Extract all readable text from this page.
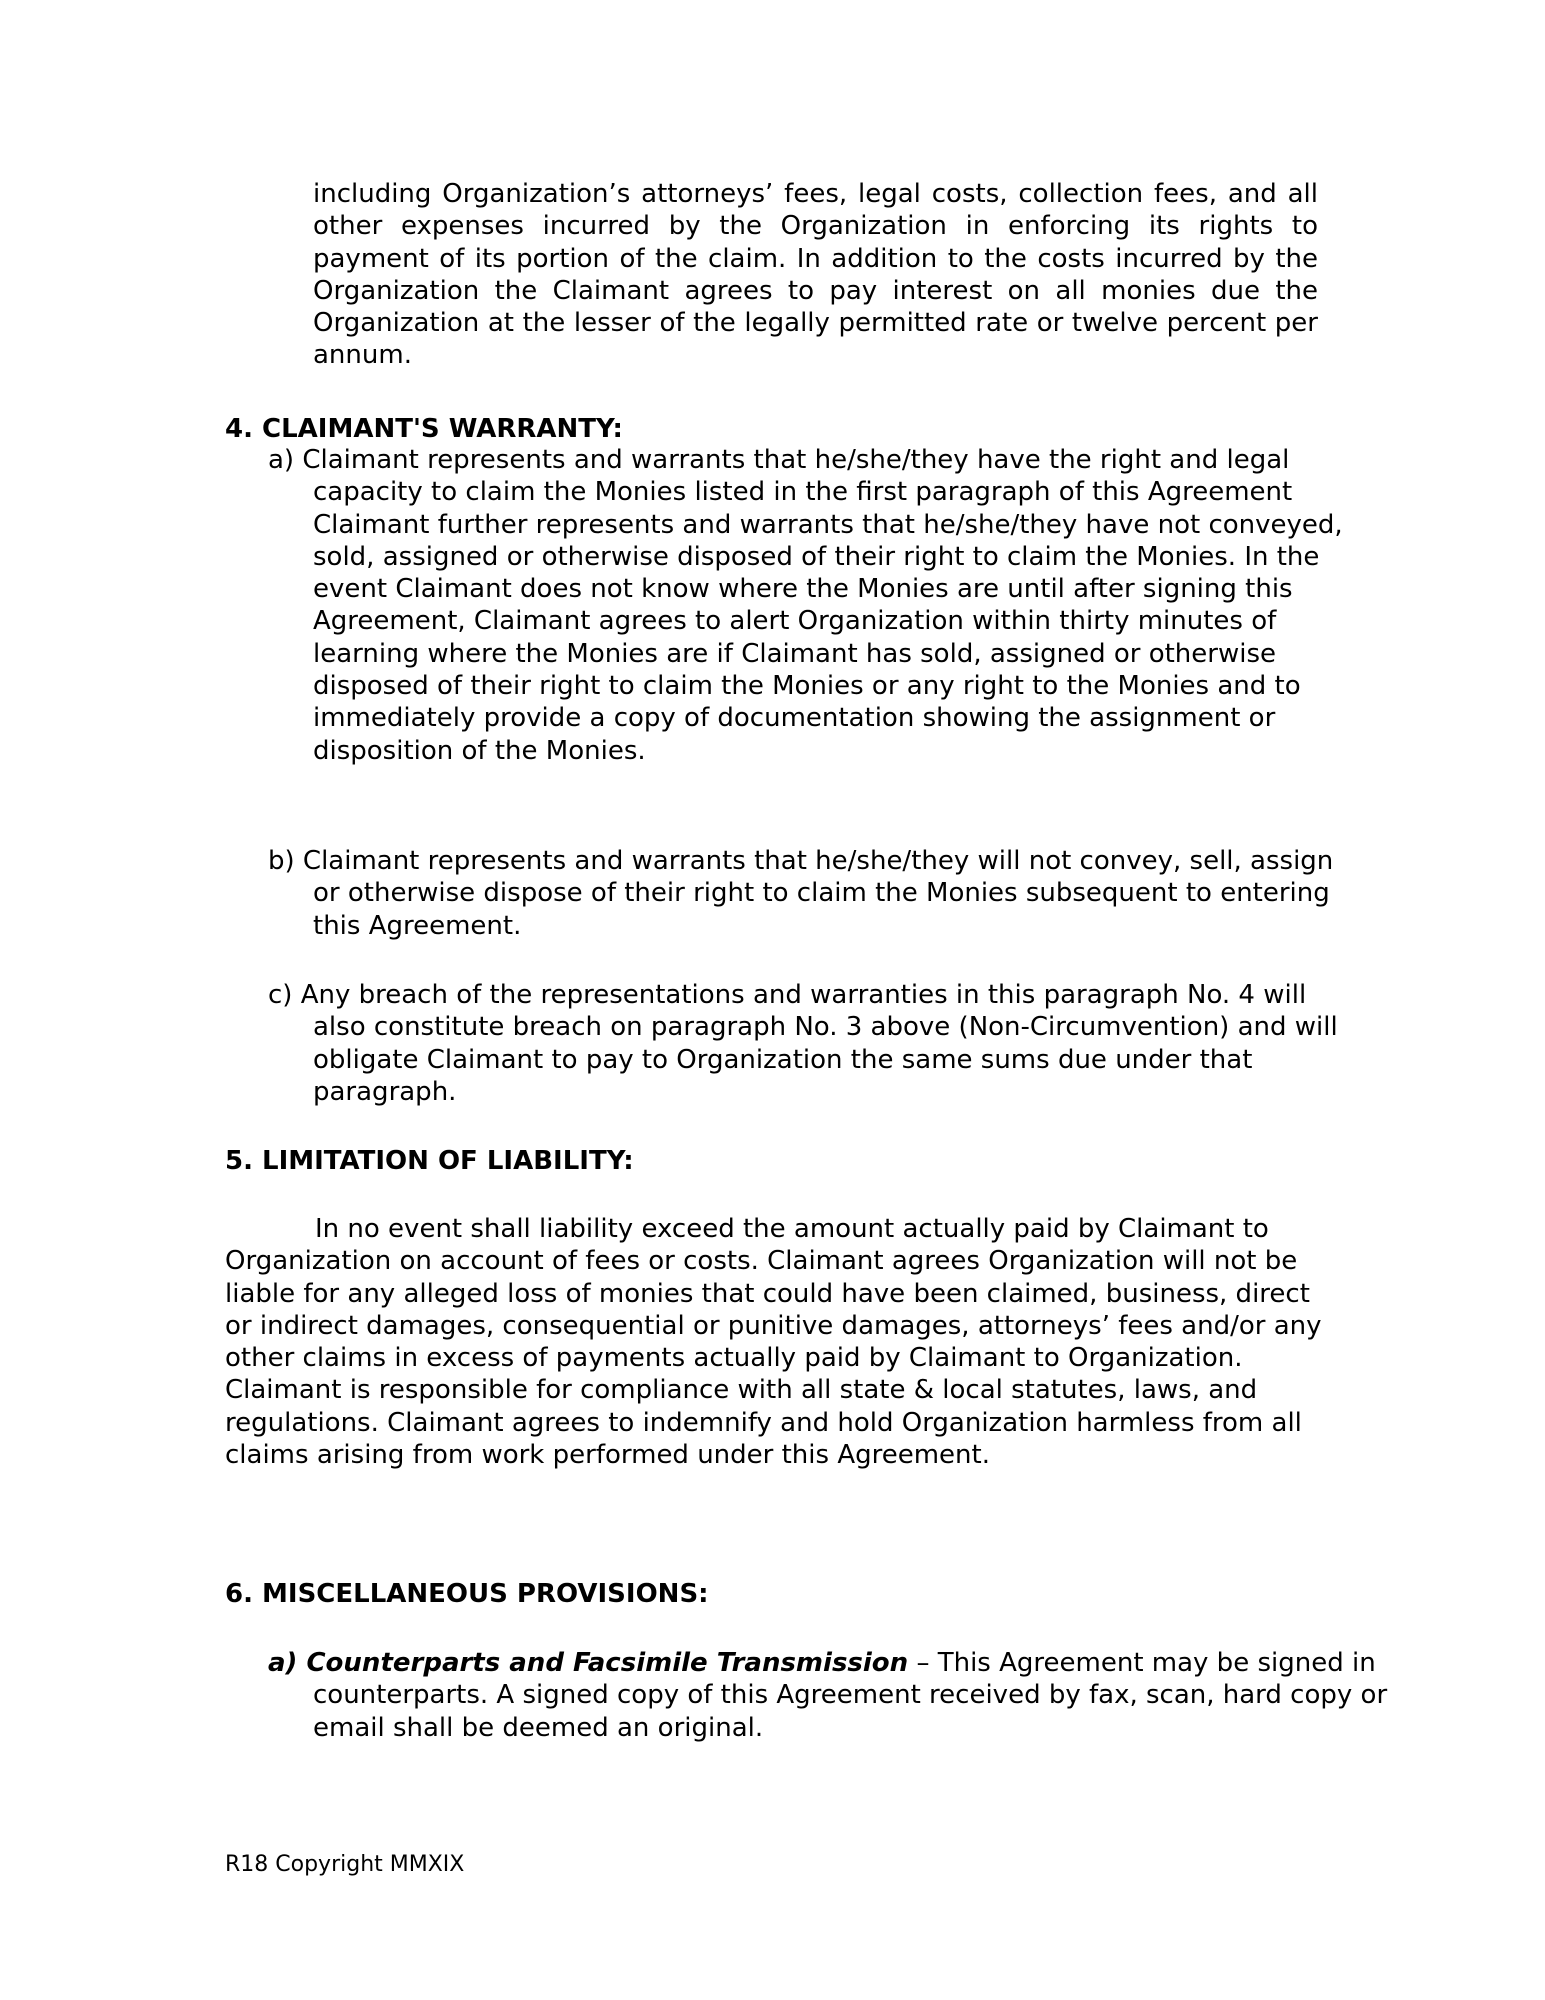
including Organization’s attorneys’ fees, legal costs, collection fees, and all other expenses incurred by the Organization in enforcing its rights to payment of its portion of the claim. In addition to the costs incurred by the Organization the Claimant agrees to pay interest on all monies due the Organization at the lesser of the legally permitted rate or twelve percent per annum.

4. CLAIMANT'S WARRANTY:

a) Claimant represents and warrants that he/she/they have the right and legal capacity to claim the Monies listed in the first paragraph of this Agreement Claimant further represents and warrants that he/she/they have not conveyed, sold, assigned or otherwise disposed of their right to claim the Monies. In the event Claimant does not know where the Monies are until after signing this Agreement, Claimant agrees to alert Organization within thirty minutes of learning where the Monies are if Claimant has sold, assigned or otherwise disposed of their right to claim the Monies or any right to the Monies and to immediately provide a copy of documentation showing the assignment or disposition of the Monies.

b) Claimant represents and warrants that he/she/they will not convey, sell, assign or otherwise dispose of their right to claim the Monies subsequent to entering this Agreement.

c) Any breach of the representations and warranties in this paragraph No. 4 will also constitute breach on paragraph No. 3 above (Non-Circumvention) and will obligate Claimant to pay to Organization the same sums due under that paragraph.

5. LIMITATION OF LIABILITY:

In no event shall liability exceed the amount actually paid by Claimant to Organization on account of fees or costs. Claimant agrees Organization will not be liable for any alleged loss of monies that could have been claimed, business, direct or indirect damages, consequential or punitive damages, attorneys’ fees and/or any other claims in excess of payments actually paid by Claimant to Organization. Claimant is responsible for compliance with all state & local statutes, laws, and regulations. Claimant agrees to indemnify and hold Organization harmless from all claims arising from work performed under this Agreement.

6. MISCELLANEOUS PROVISIONS:

a) Counterparts and Facsimile Transmission – This Agreement may be signed in counterparts. A signed copy of this Agreement received by fax, scan, hard copy or email shall be deemed an original.

R18 Copyright MMXIX
